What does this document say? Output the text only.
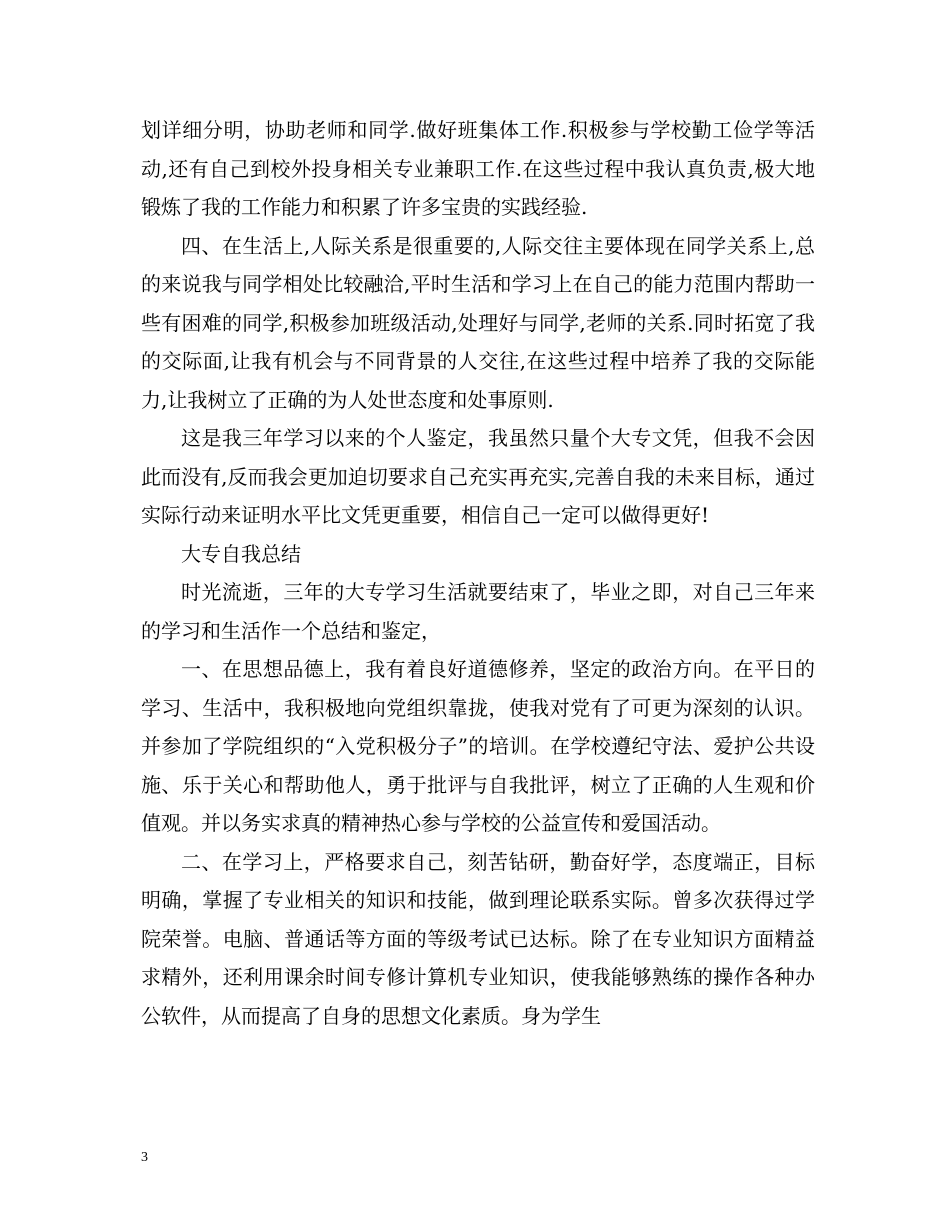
划详细分明，协助老师和同学.做好班集体工作.积极参与学校勤工俭学等活动,还有自己到校外投身相关专业兼职工作.在这些过程中我认真负责,极大地锻炼了我的工作能力和积累了许多宝贵的实践经验.

四、在生活上,人际关系是很重要的,人际交往主要体现在同学关系上,总的来说我与同学相处比较融洽,平时生活和学习上在自己的能力范围内帮助一些有困难的同学,积极参加班级活动,处理好与同学,老师的关系.同时拓宽了我的交际面,让我有机会与不同背景的人交往,在这些过程中培养了我的交际能力,让我树立了正确的为人处世态度和处事原则.

这是我三年学习以来的个人鉴定，我虽然只量个大专文凭，但我不会因此而没有,反而我会更加迫切要求自己充实再充实,完善自我的未来目标，通过实际行动来证明水平比文凭更重要，相信自己一定可以做得更好!

大专自我总结

时光流逝，三年的大专学习生活就要结束了，毕业之即，对自己三年来的学习和生活作一个总结和鉴定，

一、在思想品德上，我有着良好道德修养，坚定的政治方向。在平日的学习、生活中，我积极地向党组织靠拢，使我对党有了可更为深刻的认识。并参加了学院组织的“入党积极分子”的培训。在学校遵纪守法、爱护公共设施、乐于关心和帮助他人，勇于批评与自我批评，树立了正确的人生观和价值观。并以务实求真的精神热心参与学校的公益宣传和爱国活动。

二、在学习上，严格要求自己，刻苦钻研，勤奋好学，态度端正，目标明确，掌握了专业相关的知识和技能，做到理论联系实际。曾多次获得过学院荣誉。电脑、普通话等方面的等级考试已达标。除了在专业知识方面精益求精外，还利用课余时间专修计算机专业知识，使我能够熟练的操作各种办公软件，从而提高了自身的思想文化素质。身为学生

3
